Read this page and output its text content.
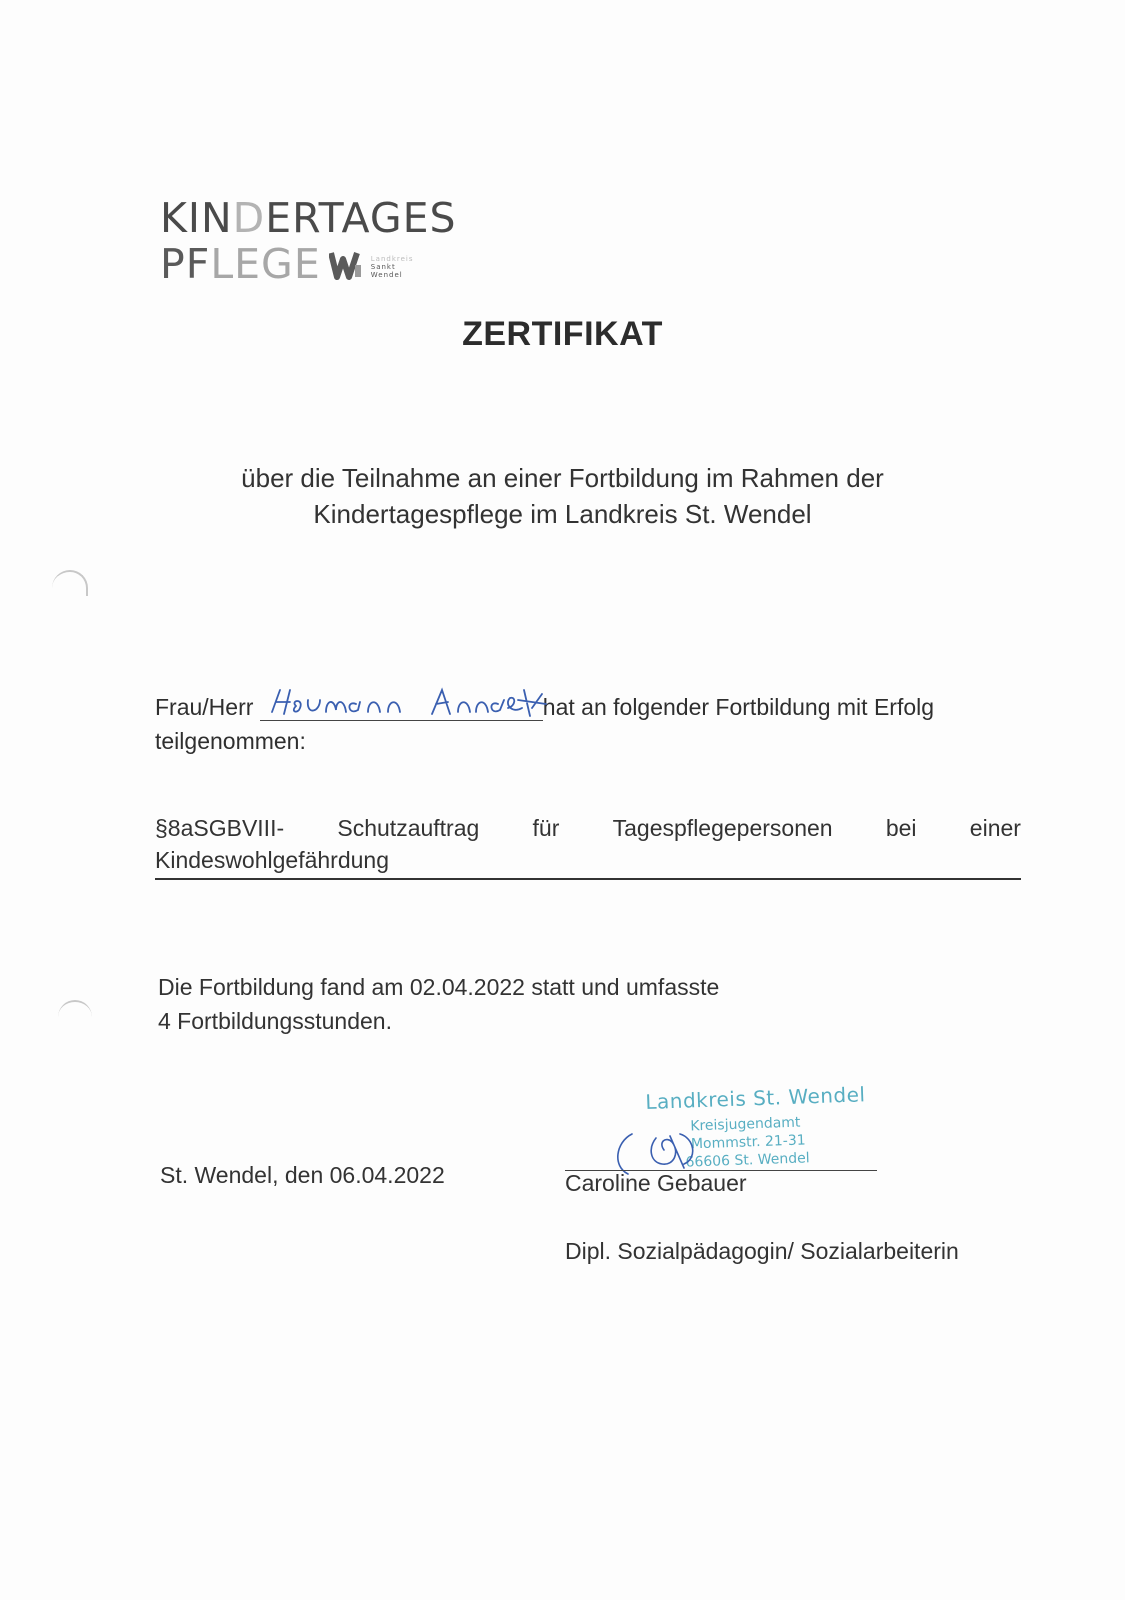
KINDERTAGES
PFLEGE	Landkreis
Sankt
Wendel
ZERTIFIKAT
über die Teilnahme an einer Fortbildung im Rahmen der
Kindertagespflege im Landkreis St. Wendel
Frau/Herr	hat an folgender Fortbildung mit Erfolg
teilgenommen:
§8aSGBVIII- Schutzauftrag für Tagespflegepersonen bei einer
Kindeswohlgefährdung
Die Fortbildung fand am 02.04.2022 statt und umfasste
4 Fortbildungsstunden.
St. Wendel, den 06.04.2022
Landkreis St. Wendel
Kreisjugendamt
Mommstr. 21-31
66606 St. Wendel
Caroline Gebauer
Dipl. Sozialpädagogin/ Sozialarbeiterin
